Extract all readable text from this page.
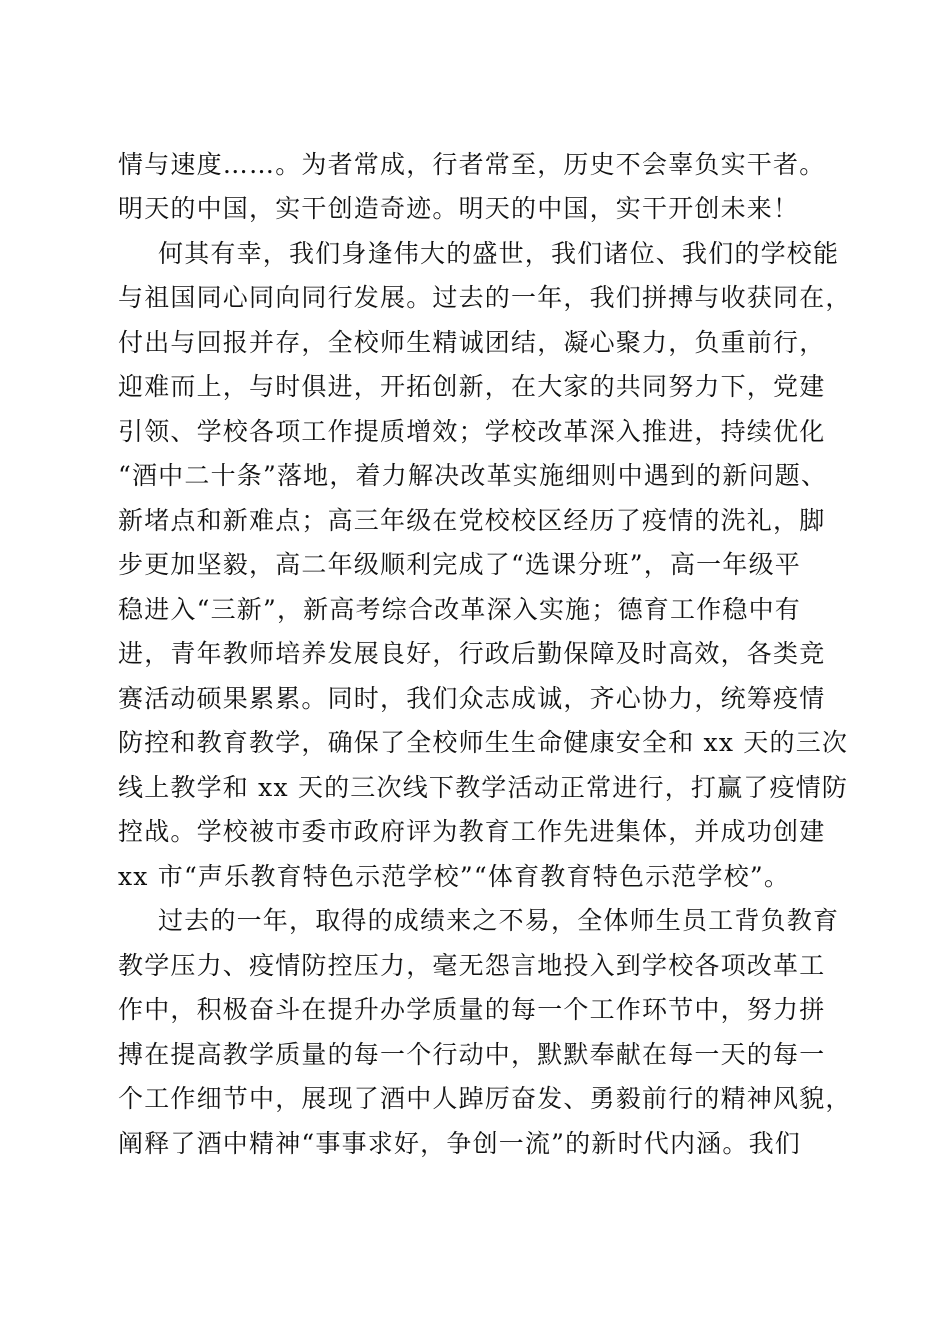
情与速度……。为者常成，行者常至，历史不会辜负实干者。
明天的中国，实干创造奇迹。明天的中国，实干开创未来！
何其有幸，我们身逢伟大的盛世，我们诸位、我们的学校能
与祖国同心同向同行发展。过去的一年，我们拼搏与收获同在，
付出与回报并存，全校师生精诚团结，凝心聚力，负重前行，
迎难而上，与时俱进，开拓创新，在大家的共同努力下，党建
引领、学校各项工作提质增效；学校改革深入推进，持续优化
“酒中二十条”落地，着力解决改革实施细则中遇到的新问题、
新堵点和新难点；高三年级在党校校区经历了疫情的洗礼，脚
步更加坚毅，高二年级顺利完成了“选课分班”，高一年级平
稳进入“三新”，新高考综合改革深入实施；德育工作稳中有
进，青年教师培养发展良好，行政后勤保障及时高效，各类竞
赛活动硕果累累。同时，我们众志成诚，齐心协力，统筹疫情
防控和教育教学，确保了全校师生生命健康安全和 xx 天的三次
线上教学和 xx 天的三次线下教学活动正常进行，打赢了疫情防
控战。学校被市委市政府评为教育工作先进集体，并成功创建
xx 市“声乐教育特色示范学校”“体育教育特色示范学校”。
过去的一年，取得的成绩来之不易，全体师生员工背负教育
教学压力、疫情防控压力，毫无怨言地投入到学校各项改革工
作中，积极奋斗在提升办学质量的每一个工作环节中，努力拼
搏在提高教学质量的每一个行动中，默默奉献在每一天的每一
个工作细节中，展现了酒中人踔厉奋发、勇毅前行的精神风貌，
阐释了酒中精神“事事求好，争创一流”的新时代内涵。我们
